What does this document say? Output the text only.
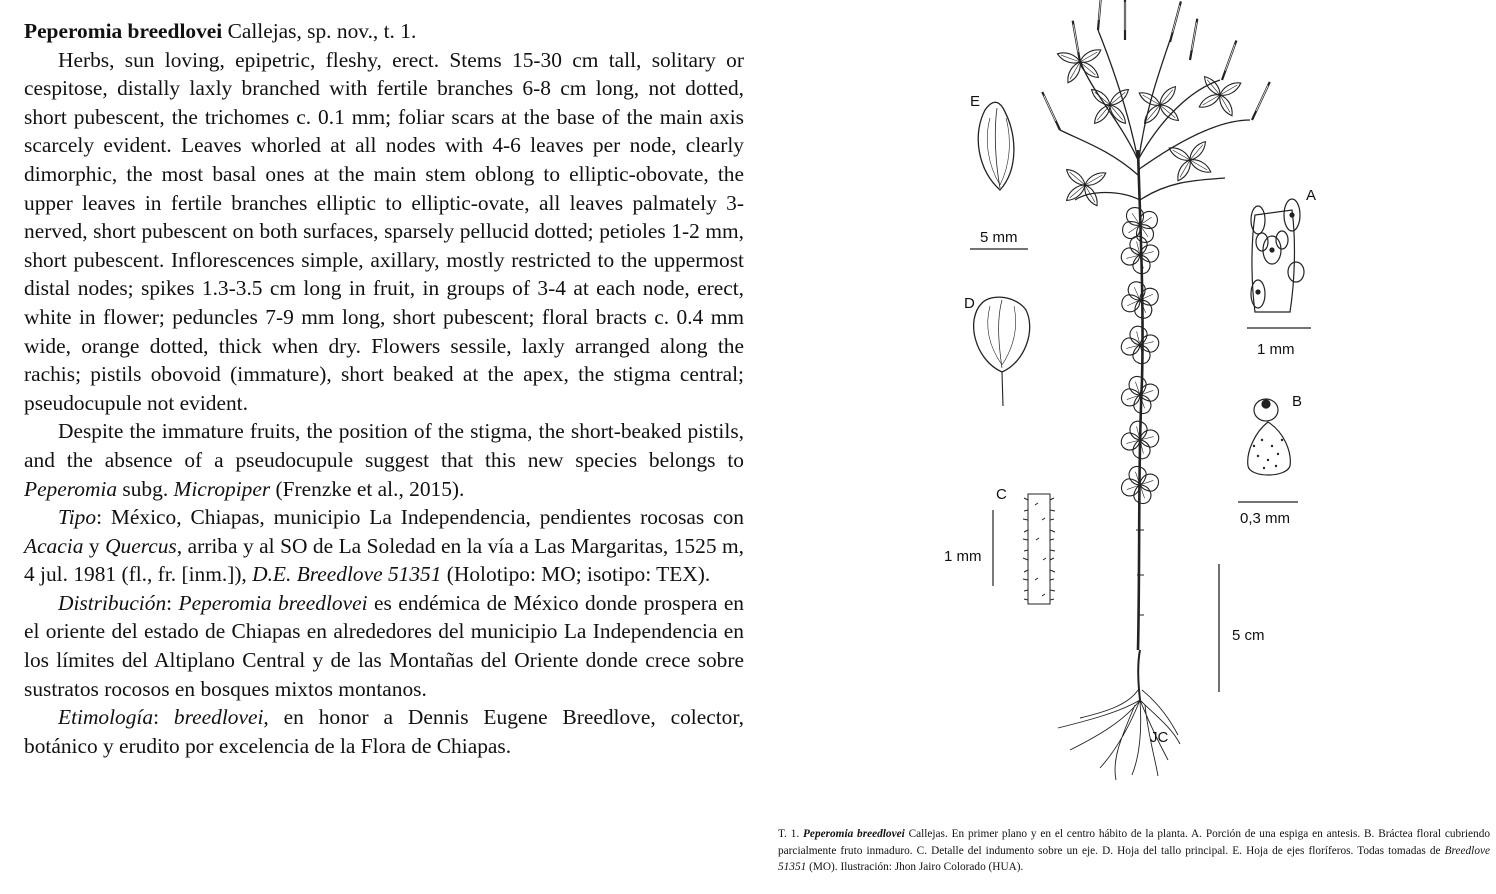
Peperomia breedlovei Callejas, sp. nov., t. 1.

Herbs, sun loving, epipetric, fleshy, erect. Stems 15-30 cm tall, solitary or cespitose, distally laxly branched with fertile branches 6-8 cm long, not dotted, short pubescent, the trichomes c. 0.1 mm; foliar scars at the base of the main axis scarcely evident. Leaves whorled at all nodes with 4-6 leaves per node, clearly dimorphic, the most basal ones at the main stem oblong to elliptic-obovate, the upper leaves in fertile branches elliptic to elliptic-ovate, all leaves palmately 3-nerved, short pubescent on both surfaces, sparsely pellucid dotted; petioles 1-2 mm, short pubescent. Inflorescences simple, axillary, mostly restricted to the uppermost distal nodes; spikes 1.3-3.5 cm long in fruit, in groups of 3-4 at each node, erect, white in flower; peduncles 7-9 mm long, short pubescent; floral bracts c. 0.4 mm wide, orange dotted, thick when dry. Flowers sessile, laxly arranged along the rachis; pistils obovoid (immature), short beaked at the apex, the stigma central; pseudocupule not evident.

Despite the immature fruits, the position of the stigma, the short-beaked pistils, and the absence of a pseudocupule suggest that this new species belongs to Peperomia subg. Micropiper (Frenzke et al., 2015).

Tipo: México, Chiapas, municipio La Independencia, pendientes rocosas con Acacia y Quercus, arriba y al SO de La Soledad en la vía a Las Margaritas, 1525 m, 4 jul. 1981 (fl., fr. [inm.]), D.E. Breedlove 51351 (Holotipo: MO; isotipo: TEX).

Distribución: Peperomia breedlovei es endémica de México donde prospera en el oriente del estado de Chiapas en alrededores del municipio La Independencia en los límites del Altiplano Central y de las Montañas del Oriente donde crece sobre sustratos rocosos en bosques mixtos montanos.

Etimología: breedlovei, en honor a Dennis Eugene Breedlove, colector, botánico y erudito por excelencia de la Flora de Chiapas.	JC
E
5 mm
D
C
1 mm
A
1 mm
B
0,3 mm
5 cm
T. 1. Peperomia breedlovei Callejas. En primer plano y en el centro hábito de la planta. A. Porción de una espiga en antesis. B. Bráctea floral cubriendo parcialmente fruto inmaduro. C. Detalle del indumento sobre un eje. D. Hoja del tallo principal. E. Hoja de ejes floríferos. Todas tomadas de Breedlove 51351 (MO). Ilustración: Jhon Jairo Colorado (HUA).
